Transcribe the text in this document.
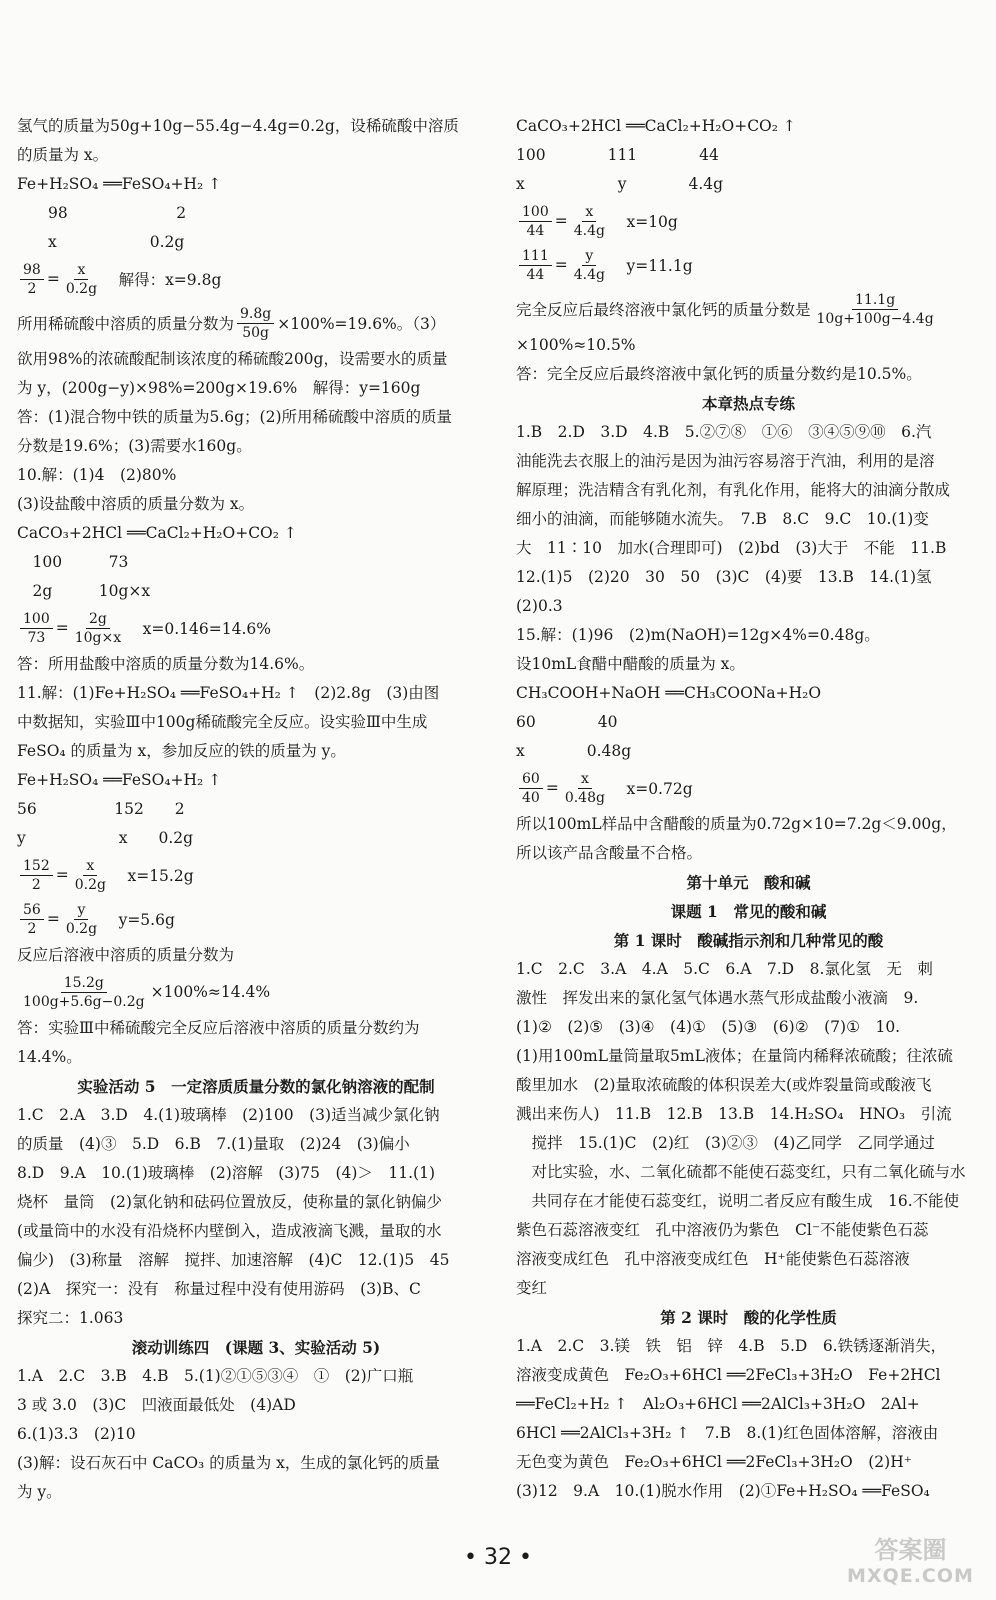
氢气的质量为50g+10g−55.4g−4.4g=0.2g，设稀硫酸中溶质
的质量为 x。
Fe+H₂SO₄ ══FeSO₄+H₂ ↑
　　98　　　　　　　2
　　x　　　　　　0.2g
$\frac{98}{2} = \frac{x}{0.2g}$ 　解得：x=9.8g
所用稀硫酸中溶质的质量分数为 $\frac{9.8g}{50g} \times 100\%=19.6\%$。（3）
欲用98%的浓硫酸配制该浓度的稀硫酸200g，设需要水的质量
为 y，(200g−y)×98%=200g×19.6%　解得：y=160g
答：(1)混合物中铁的质量为5.6g；(2)所用稀硫酸中溶质的质量
分数是19.6%；(3)需要水160g。
10.解：(1)4　(2)80%
(3)设盐酸中溶质的质量分数为 x。
CaCO₃+2HCl ══CaCl₂+H₂O+CO₂ ↑
　100　　　73
　2g　　　10g×x
$\frac{100}{73} = \frac{2g}{10g\times x}$ 　x=0.146=14.6%
答：所用盐酸中溶质的质量分数为14.6%。
11.解：(1)Fe+H₂SO₄ ══FeSO₄+H₂ ↑　(2)2.8g　(3)由图
中数据知，实验Ⅲ中100g稀硫酸完全反应。设实验Ⅲ中生成
FeSO₄ 的质量为 x，参加反应的铁的质量为 y。
Fe+H₂SO₄ ══FeSO₄+H₂ ↑
56　　　　　152　　2
y　　　　　　x　　0.2g
$\frac{152}{2} = \frac{x}{0.2g}$ 　x=15.2g
$\frac{56}{2} = \frac{y}{0.2g}$ 　y=5.6g
反应后溶液中溶质的质量分数为
$\frac{15.2g}{100g+5.6g-0.2g} \times 100\%\approx 14.4\%$
答：实验Ⅲ中稀硫酸完全反应后溶液中溶质的质量分数约为
14.4%。
实验活动 5　一定溶质质量分数的氯化钠溶液的配制
1.C　2.A　3.D　4.(1)玻璃棒　(2)100　(3)适当减少氯化钠
的质量　(4)③　5.D　6.B　7.(1)量取　(2)24　(3)偏小
8.D　9.A　10.(1)玻璃棒　(2)溶解　(3)75　(4)＞　11.(1)
烧杯　量筒　(2)氯化钠和砝码位置放反，使称量的氯化钠偏少
(或量筒中的水没有沿烧杯内壁倒入，造成液滴飞溅，量取的水
偏少)　(3)称量　溶解　搅拌、加速溶解　(4)C　12.(1)5　45
(2)A　探究一：没有　称量过程中没有使用游码　(3)B、C
探究二：1.063
滚动训练四　(课题 3、实验活动 5)
1.A　2.C　3.B　4.B　5.(1)②①⑤③④　①　(2)广口瓶
3 或 3.0　(3)C　凹液面最低处　(4)AD
6.(1)3.3　(2)10
(3)解：设石灰石中 CaCO₃ 的质量为 x，生成的氯化钙的质量
为 y。
CaCO₃+2HCl ══CaCl₂+H₂O+CO₂ ↑
100　　　　111　　　　44
x　　　　　　y　　　　4.4g
$\frac{100}{44} = \frac{x}{4.4g}$ 　x=10g
$\frac{111}{44} = \frac{y}{4.4g}$ 　y=11.1g
完全反应后最终溶液中氯化钙的质量分数是 $\frac{11.1g}{10g+100g-4.4g}$
×100%≈10.5%
答：完全反应后最终溶液中氯化钙的质量分数约是10.5%。
本章热点专练
1.B　2.D　3.D　4.B　5.②⑦⑧　①⑥　③④⑤⑨⑩　6.汽
油能洗去衣服上的油污是因为油污容易溶于汽油，利用的是溶
解原理；洗洁精含有乳化剂，有乳化作用，能将大的油滴分散成
细小的油滴，而能够随水流失。　7.B　8.C　9.C　10.(1)变
大　11∶10　加水(合理即可)　(2)bd　(3)大于　不能　11.B
12.(1)5　(2)20　30　50　(3)C　(4)要　13.B　14.(1)氢
(2)0.3
15.解：(1)96　(2)m(NaOH)=12g×4%=0.48g。
设10mL食醋中醋酸的质量为 x。
CH₃COOH+NaOH ══CH₃COONa+H₂O
60　　　　40
x　　　　0.48g
$\frac{60}{40} = \frac{x}{0.48g}$ 　x=0.72g
所以100mL样品中含醋酸的质量为0.72g×10=7.2g＜9.00g，
所以该产品含酸量不合格。
第十单元　酸和碱
课题 1　常见的酸和碱
第 1 课时　酸碱指示剂和几种常见的酸
1.C　2.C　3.A　4.A　5.C　6.A　7.D　8.氯化氢　无　刺
激性　挥发出来的氯化氢气体遇水蒸气形成盐酸小液滴　9.
(1)②　(2)⑤　(3)④　(4)①　(5)③　(6)②　(7)①　10.
(1)用100mL量筒量取5mL液体；在量筒内稀释浓硫酸；往浓硫
酸里加水　(2)量取浓硫酸的体积误差大(或炸裂量筒或酸液飞
溅出来伤人)　11.B　12.B　13.B　14.H₂SO₄　HNO₃　引流
　搅拌　15.(1)C　(2)红　(3)②③　(4)乙同学　乙同学通过
　对比实验，水、二氧化硫都不能使石蕊变红，只有二氧化硫与水
　共同存在才能使石蕊变红，说明二者反应有酸生成　16.不能使
紫色石蕊溶液变红　孔中溶液仍为紫色　Cl⁻不能使紫色石蕊
溶液变成红色　孔中溶液变成红色　H⁺能使紫色石蕊溶液
变红
第 2 课时　酸的化学性质
1.A　2.C　3.镁　铁　铝　锌　4.B　5.D　6.铁锈逐渐消失，
溶液变成黄色　Fe₂O₃+6HCl ══2FeCl₃+3H₂O　Fe+2HCl
══FeCl₂+H₂ ↑　Al₂O₃+6HCl ══2AlCl₃+3H₂O　2Al+
6HCl ══2AlCl₃+3H₂ ↑　7.B　8.(1)红色固体溶解，溶液由
无色变为黄色　Fe₂O₃+6HCl ══2FeCl₃+3H₂O　(2)H⁺
(3)12　9.A　10.(1)脱水作用　(2)①Fe+H₂SO₄ ══FeSO₄
• 32 •	答案圈
MXQE.COM
